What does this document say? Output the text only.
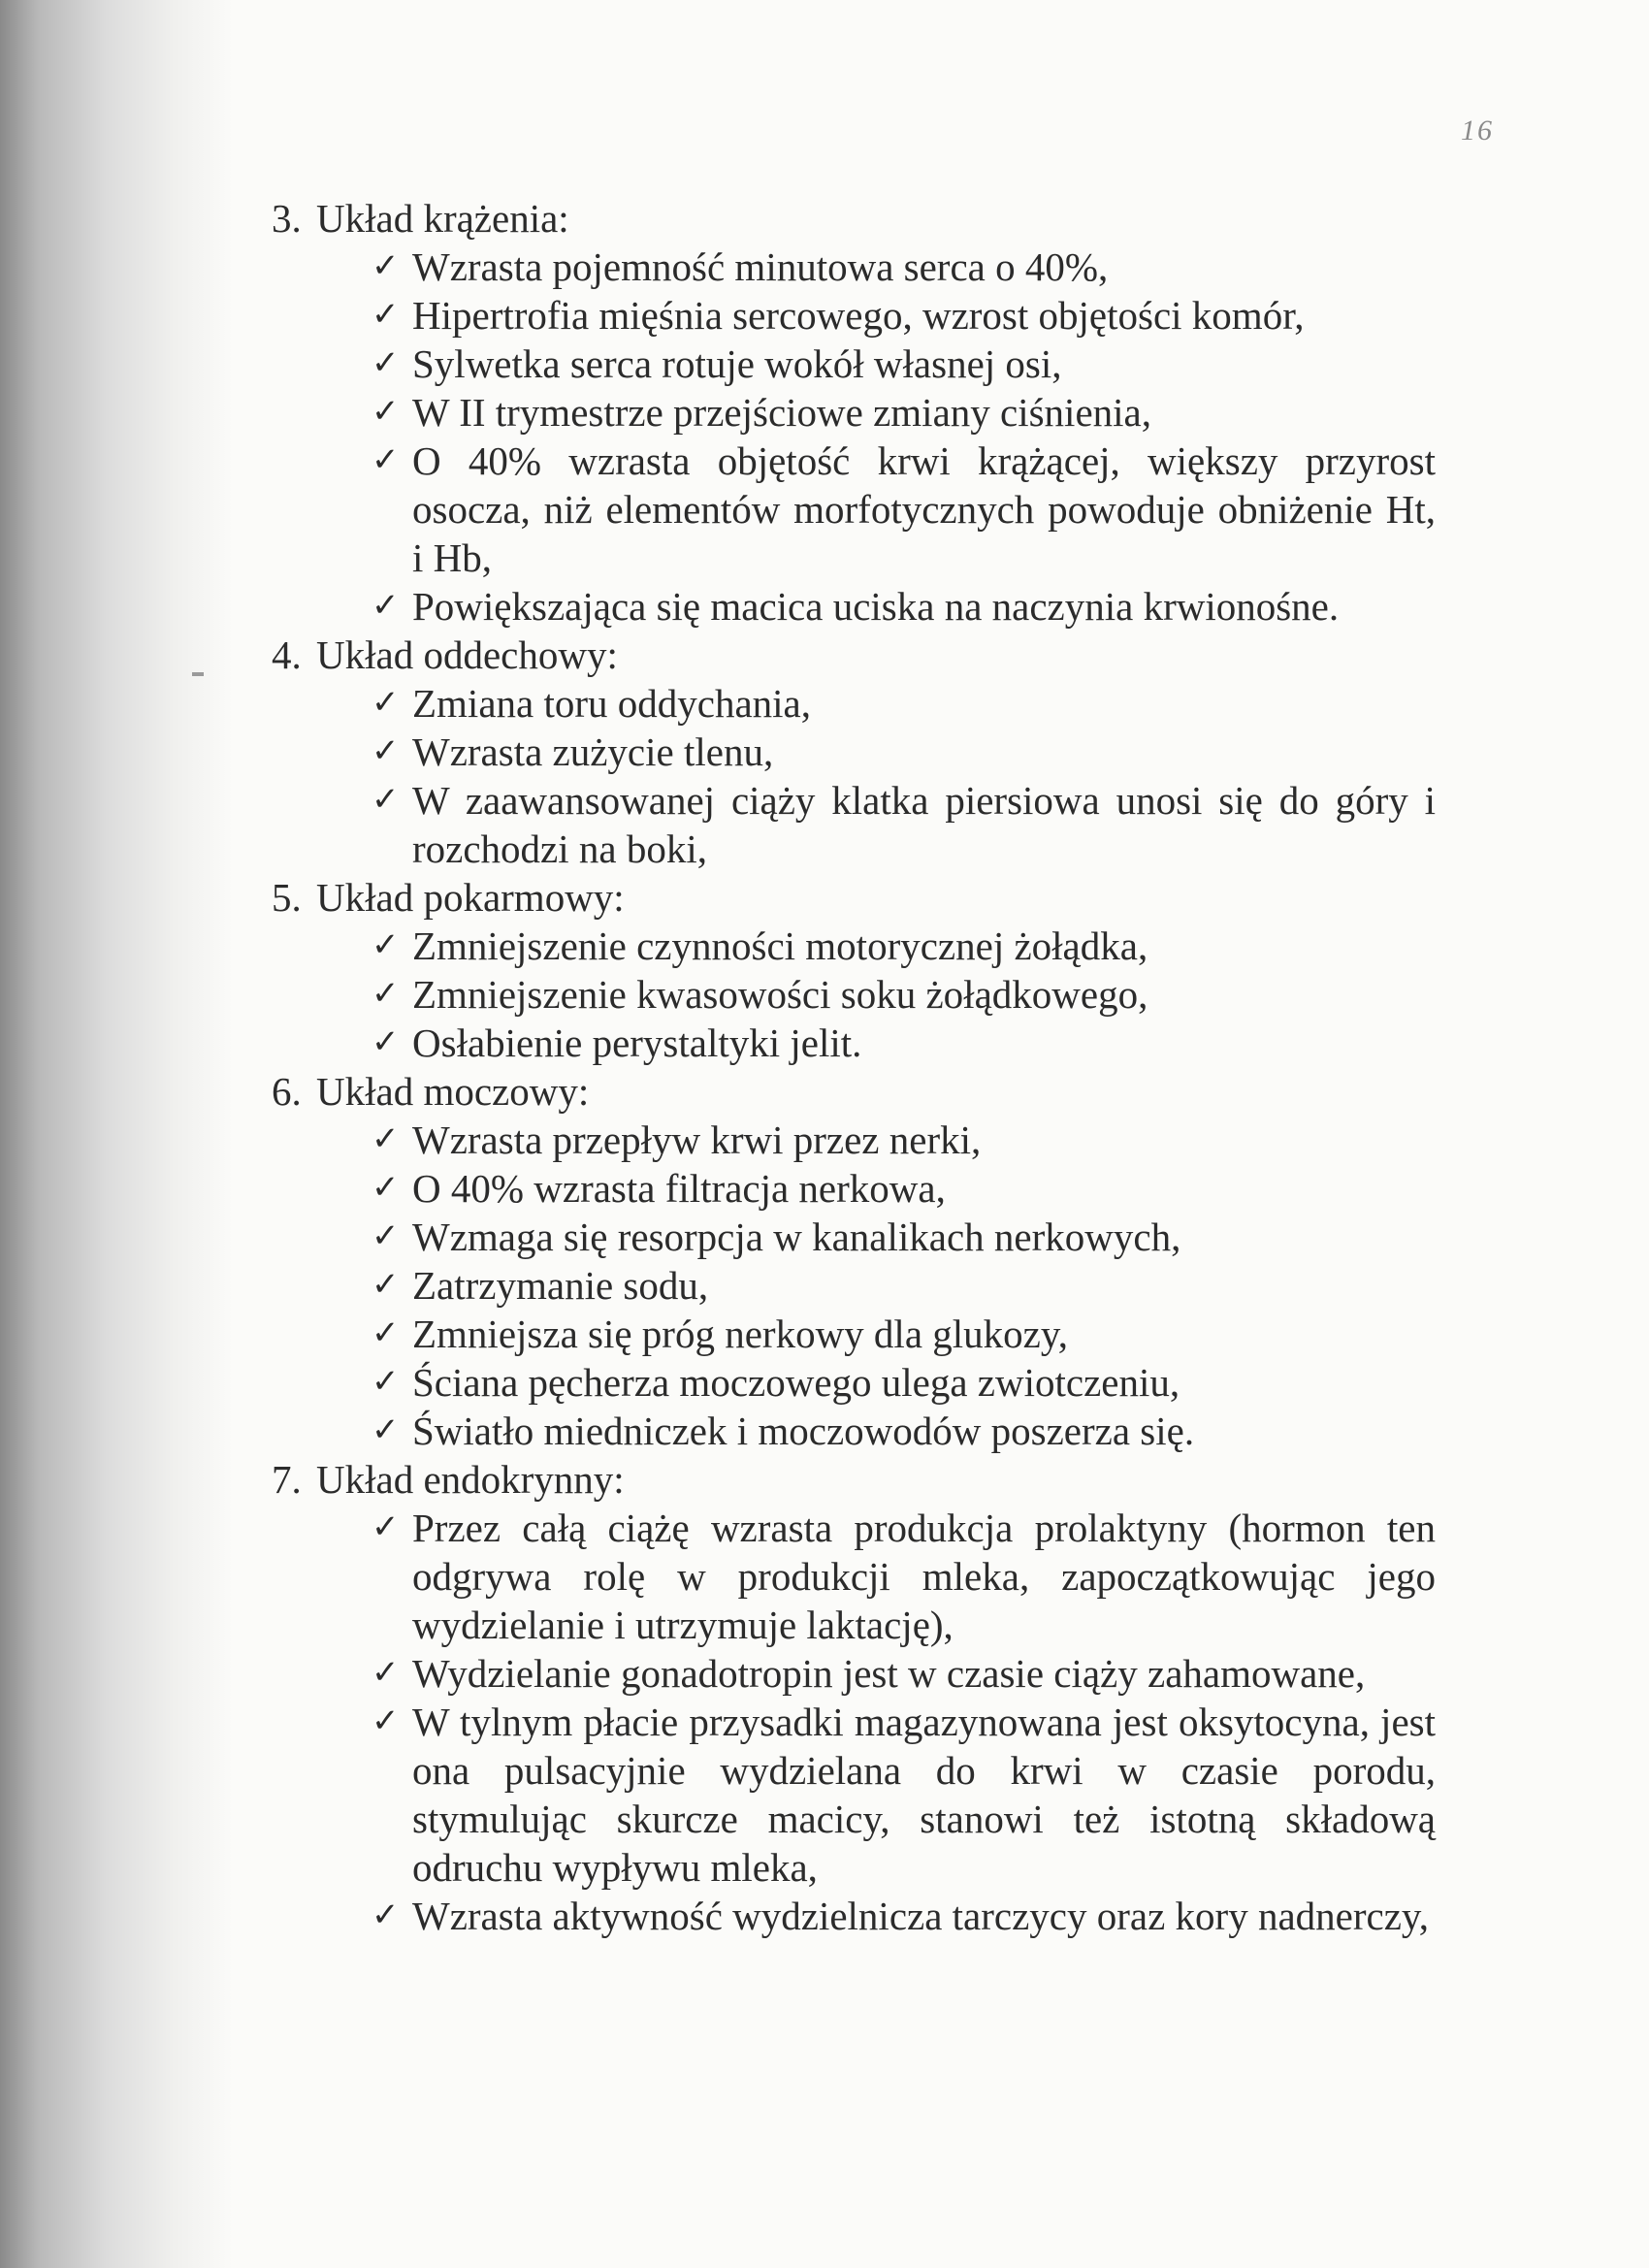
16
3. Układ krążenia:
✓ Wzrasta pojemność minutowa serca o 40%,
✓ Hipertrofia mięśnia sercowego, wzrost objętości komór,
✓ Sylwetka serca rotuje wokół własnej osi,
✓ W II trymestrze przejściowe zmiany ciśnienia,
✓ O 40% wzrasta objętość krwi krążącej, większy przyrost osocza, niż elementów morfotycznych powoduje obniżenie Ht, i Hb,
✓ Powiększająca się macica uciska na naczynia krwionośne.
4. Układ oddechowy:
✓ Zmiana toru oddychania,
✓ Wzrasta zużycie tlenu,
✓ W zaawansowanej ciąży klatka piersiowa unosi się do góry i rozchodzi na boki,
5. Układ pokarmowy:
✓ Zmniejszenie czynności motorycznej żołądka,
✓ Zmniejszenie kwasowości soku żołądkowego,
✓ Osłabienie perystaltyki jelit.
6. Układ moczowy:
✓ Wzrasta przepływ krwi przez nerki,
✓ O 40% wzrasta filtracja nerkowa,
✓ Wzmaga się resorpcja w kanalikach nerkowych,
✓ Zatrzymanie sodu,
✓ Zmniejsza się próg nerkowy dla glukozy,
✓ Ściana pęcherza moczowego ulega zwiotczeniu,
✓ Światło miedniczek i moczowodów poszerza się.
7. Układ endokrynny:
✓ Przez całą ciążę wzrasta produkcja prolaktyny (hormon ten odgrywa rolę w produkcji mleka, zapoczątkowując jego wydzielanie i utrzymuje laktację),
✓ Wydzielanie gonadotropin jest w czasie ciąży zahamowane,
✓ W tylnym płacie przysadki magazynowana jest oksytocyna, jest ona pulsacyjnie wydzielana do krwi w czasie porodu, stymulując skurcze macicy, stanowi też istotną składową odruchu wypływu mleka,
✓ Wzrasta aktywność wydzielnicza tarczycy oraz kory nadnerczy,
